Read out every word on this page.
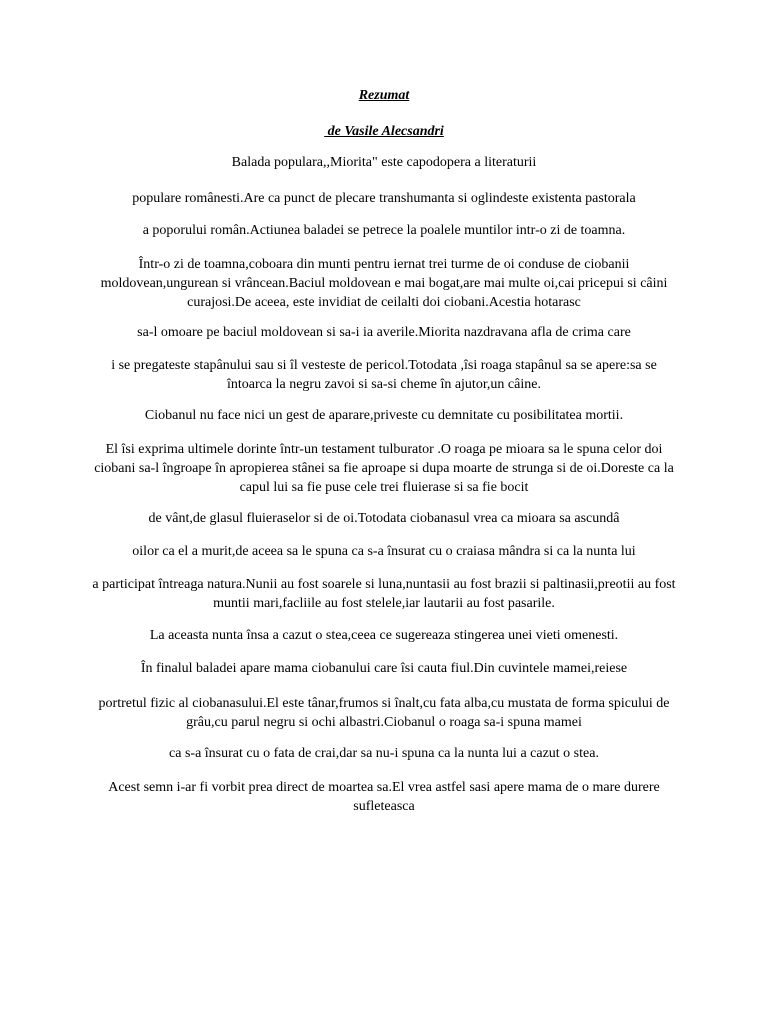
Rezumat

de Vasile Alecsandri

Balada populara,,Miorita" este capodopera a literaturii

populare românesti.Are ca punct de plecare transhumanta si oglindeste existenta pastorala

a poporului român.Actiunea baladei se petrece la poalele muntilor intr-o zi de toamna.

Într-o zi de toamna,coboara din munti pentru iernat trei turme de oi conduse de ciobanii moldovean,ungurean si vrâncean.Baciul moldovean e mai bogat,are mai multe oi,cai pricepui si câini curajosi.De aceea, este invidiat de ceilalti doi ciobani.Acestia hotarasc

sa-l omoare pe baciul moldovean si sa-i ia averile.Miorita nazdravana afla de crima care

i se pregateste stapânului sau si îl vesteste de pericol.Totodata ,îsi roaga stapânul sa se apere:sa se întoarca la negru zavoi si sa-si cheme în ajutor,un câine.

Ciobanul nu face nici un gest de aparare,priveste cu demnitate cu posibilitatea mortii.

El îsi exprima ultimele dorinte într-un testament tulburator .O roaga pe mioara sa le spuna celor doi ciobani sa-l îngroape în apropierea stânei sa fie aproape si dupa moarte de strunga si de oi.Doreste ca la capul lui sa fie puse cele trei fluierase si sa fie bocit

de vânt,de glasul fluieraselor si de oi.Totodata ciobanasul vrea ca mioara sa ascundâ

oilor ca el a murit,de aceea sa le spuna ca s-a însurat cu o craiasa mândra si ca la nunta lui

a participat întreaga natura.Nunii au fost soarele si luna,nuntasii au fost brazii si paltinasii,preotii au fost muntii mari,facliile au fost stelele,iar lautarii au fost pasarile.

La aceasta nunta însa a cazut o stea,ceea ce sugereaza stingerea unei vieti omenesti.

În finalul baladei apare mama ciobanului care îsi cauta fiul.Din cuvintele mamei,reiese

portretul fizic al ciobanasului.El este tânar,frumos si înalt,cu fata alba,cu mustata de forma spicului de grâu,cu parul negru si ochi albastri.Ciobanul o roaga sa-i spuna mamei

ca s-a însurat cu o fata de crai,dar sa nu-i spuna ca la nunta lui a cazut o stea.

Acest semn i-ar fi vorbit prea direct de moartea sa.El vrea astfel sasi apere mama de o mare durere sufleteasca
